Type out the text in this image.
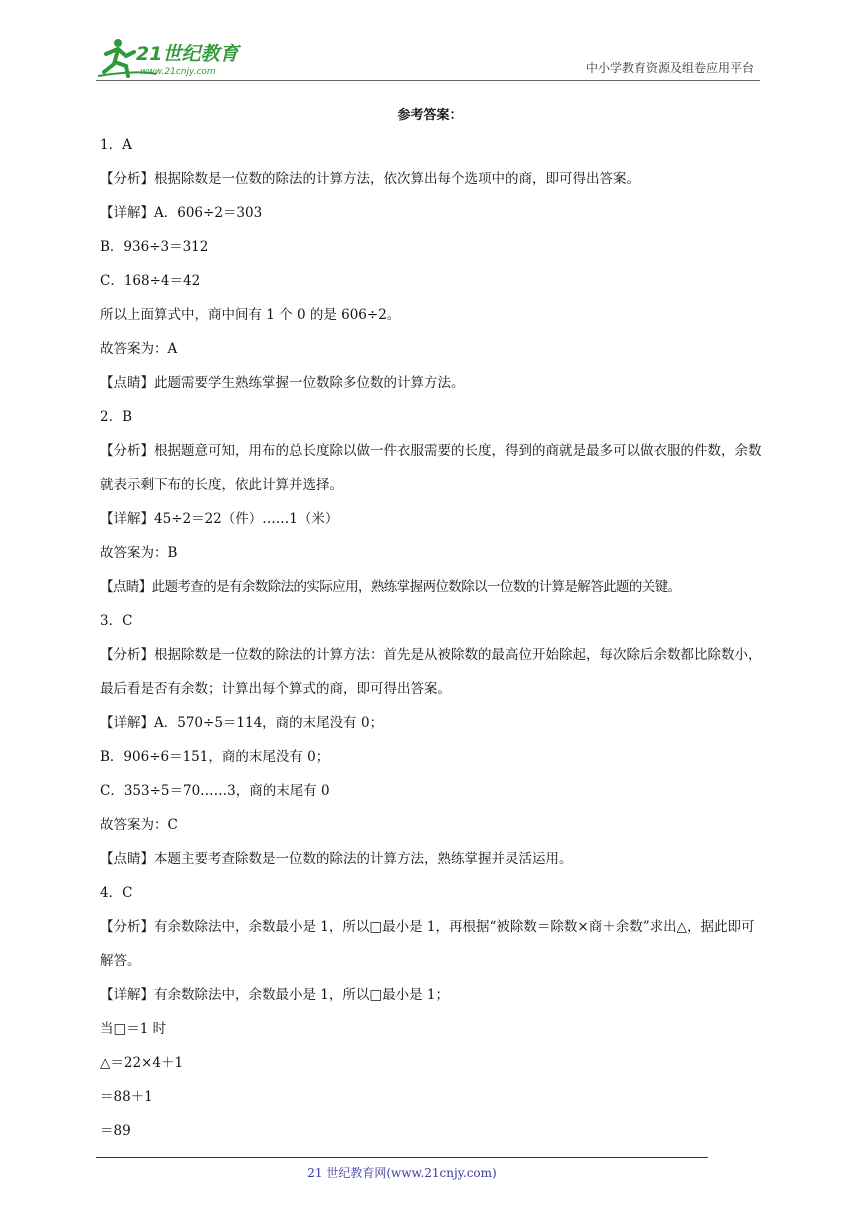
21世纪教育
www.21cnjy.com	中小学教育资源及组卷应用平台
参考答案：
1．A
【分析】根据除数是一位数的除法的计算方法，依次算出每个选项中的商，即可得出答案。
【详解】A．606÷2＝303
B．936÷3＝312
C．168÷4＝42
所以上面算式中，商中间有 1 个 0 的是 606÷2。
故答案为：A
【点睛】此题需要学生熟练掌握一位数除多位数的计算方法。
2．B
【分析】根据题意可知，用布的总长度除以做一件衣服需要的长度，得到的商就是最多可以做衣服的件数，余数就表示剩下布的长度，依此计算并选择。
【详解】45÷2＝22（件）……1（米）
故答案为：B
【点睛】此题考查的是有余数除法的实际应用，熟练掌握两位数除以一位数的计算是解答此题的关键。
3．C
【分析】根据除数是一位数的除法的计算方法：首先是从被除数的最高位开始除起，每次除后余数都比除数小，最后看是否有余数；计算出每个算式的商，即可得出答案。
【详解】A．570÷5＝114，商的末尾没有 0；
B．906÷6＝151，商的末尾没有 0；
C．353÷5＝70……3，商的末尾有 0
故答案为：C
【点睛】本题主要考查除数是一位数的除法的计算方法，熟练掌握并灵活运用。
4．C
【分析】有余数除法中，余数最小是 1，所以□最小是 1，再根据“被除数＝除数×商＋余数”求出△，据此即可解答。
【详解】有余数除法中，余数最小是 1，所以□最小是 1；
当□＝1 时
△＝22×4＋1
＝88＋1
＝89
21 世纪教育网(www.21cnjy.com)
